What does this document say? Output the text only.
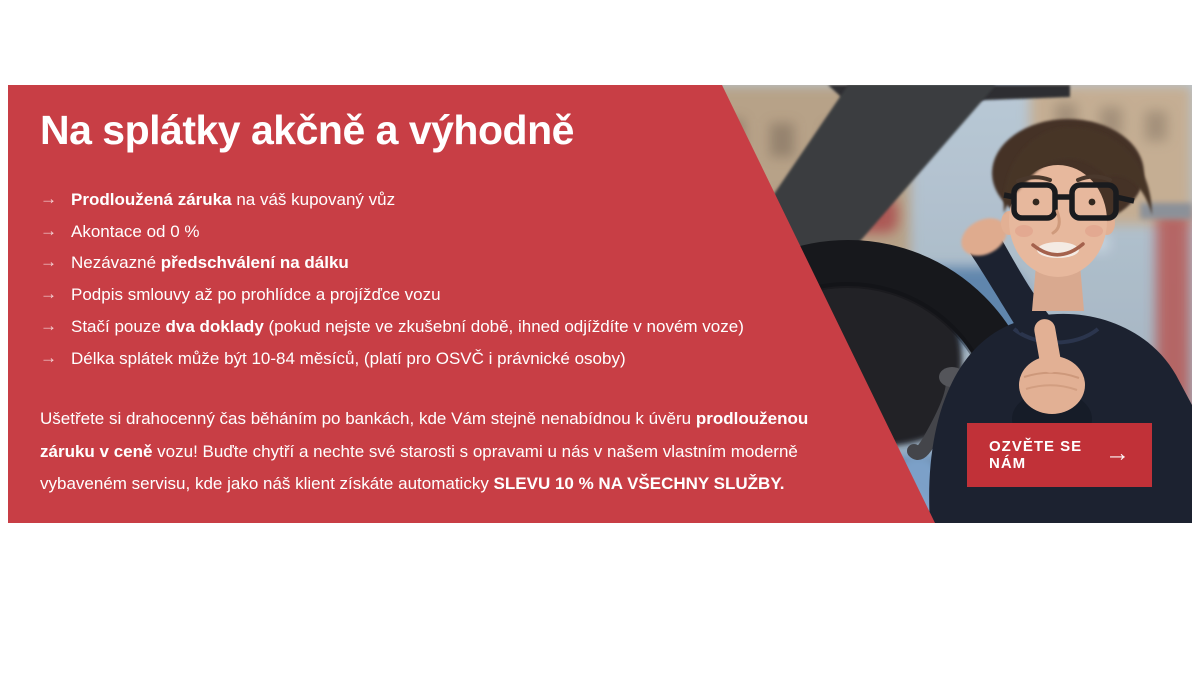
Na splátky akčně a výhodně
→ Prodloužená záruka na váš kupovaný vůz
→ Akontace od 0 %
→ Nezávazné předschválení na dálku
→ Podpis smlouvy až po prohlídce a projížďce vozu
→ Stačí pouze dva doklady (pokud nejste ve zkušební době, ihned odjíždíte v novém voze)
→ Délka splátek může být 10-84 měsíců, (platí pro OSVČ i právnické osoby)

Ušetřete si drahocenný čas běháním po bankách, kde Vám stejně nenabídnou k úvěru prodlouženou záruku v ceně vozu! Buďte chytří a nechte své starosti s opravami u nás v našem vlastním moderně vybaveném servisu, kde jako náš klient získáte automaticky SLEVU 10 % NA VŠECHNY SLUŽBY.

OZVĚTE SE NÁM	→
